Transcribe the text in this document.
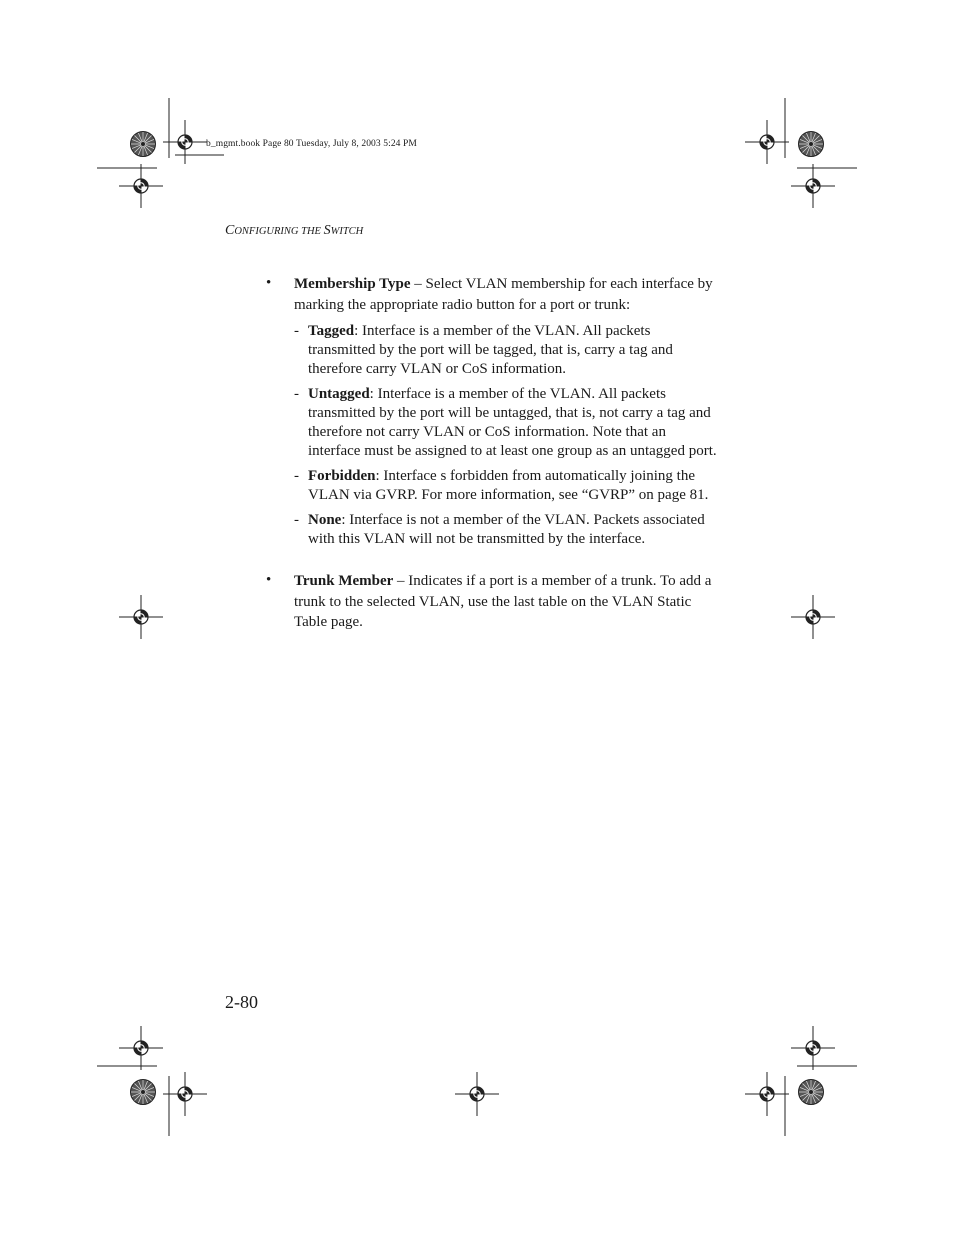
b_mgmt.book Page 80 Tuesday, July 8, 2003 5:24 PM
CONFIGURING THE SWITCH
• Membership Type – Select VLAN membership for each interface by marking the appropriate radio button for a port or trunk:

- Tagged: Interface is a member of the VLAN. All packets transmitted by the port will be tagged, that is, carry a tag and therefore carry VLAN or CoS information.
- Untagged: Interface is a member of the VLAN. All packets transmitted by the port will be untagged, that is, not carry a tag and therefore not carry VLAN or CoS information. Note that an interface must be assigned to at least one group as an untagged port.
- Forbidden: Interface s forbidden from automatically joining the VLAN via GVRP. For more information, see “GVRP” on page 81.
- None: Interface is not a member of the VLAN. Packets associated with this VLAN will not be transmitted by the interface.
• Trunk Member – Indicates if a port is a member of a trunk. To add a trunk to the selected VLAN, use the last table on the VLAN Static Table page.

2-80
